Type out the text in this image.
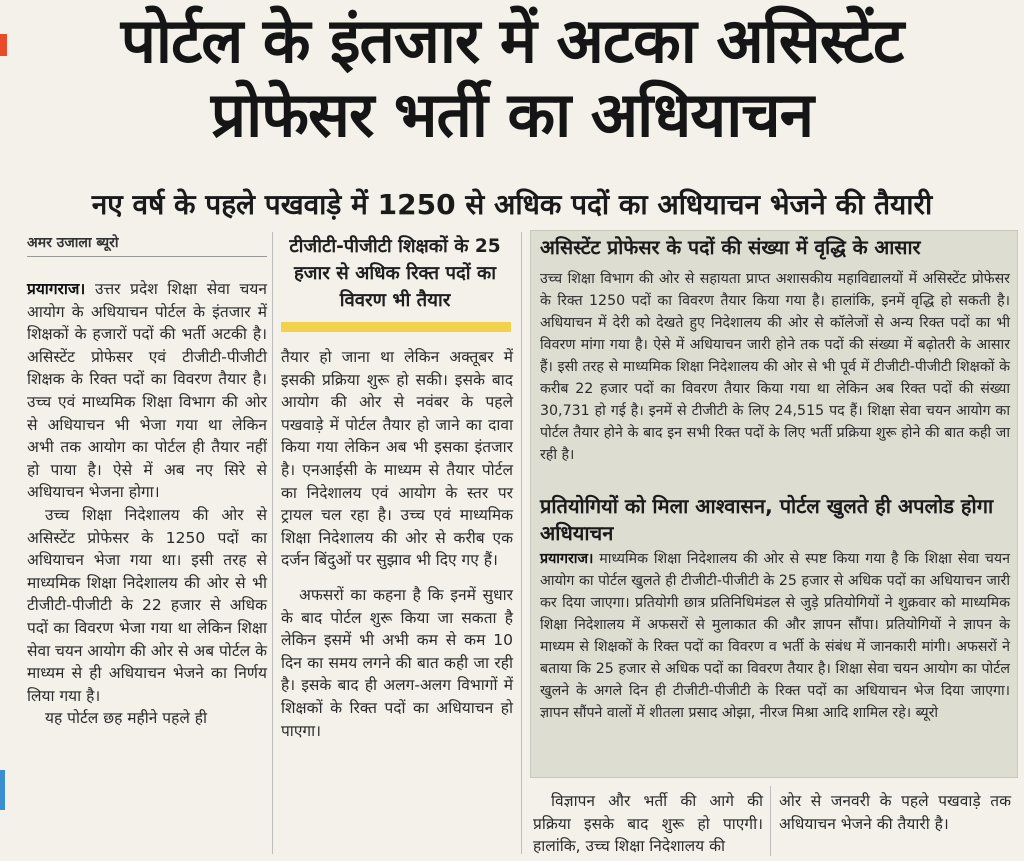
पोर्टल के इंतजार में अटका असिस्टेंट
प्रोफेसर भर्ती का अधियाचन
नए वर्ष के पहले पखवाड़े में 1250 से अधिक पदों का अधियाचन भेजने की तैयारी
अमर उजाला ब्यूरो

प्रयागराज। उत्तर प्रदेश शिक्षा सेवा चयन आयोग के अधियाचन पोर्टल के इंतजार में शिक्षकों के हजारों पदों की भर्ती अटकी है। असिस्टेंट प्रोफेसर एवं टीजीटी-पीजीटी शिक्षक के रिक्त पदों का विवरण तैयार है। उच्च एवं माध्यमिक शिक्षा विभाग की ओर से अधियाचन भी भेजा गया था लेकिन अभी तक आयोग का पोर्टल ही तैयार नहीं हो पाया है। ऐसे में अब नए सिरे से अधियाचन भेजना होगा।

उच्च शिक्षा निदेशालय की ओर से असिस्टेंट प्रोफेसर के 1250 पदों का अधियाचन भेजा गया था। इसी तरह से माध्यमिक शिक्षा निदेशालय की ओर से भी टीजीटी-पीजीटी के 22 हजार से अधिक पदों का विवरण भेजा गया था लेकिन शिक्षा सेवा चयन आयोग की ओर से अब पोर्टल के माध्यम से ही अधियाचन भेजने का निर्णय लिया गया है।

यह पोर्टल छह महीने पहले ही

टीजीटी-पीजीटी शिक्षकों के 25 हजार से अधिक रिक्त पदों का विवरण भी तैयार

तैयार हो जाना था लेकिन अक्तूबर में इसकी प्रक्रिया शुरू हो सकी। इसके बाद आयोग की ओर से नवंबर के पहले पखवाड़े में पोर्टल तैयार हो जाने का दावा किया गया लेकिन अब भी इसका इंतजार है। एनआईसी के माध्यम से तैयार पोर्टल का निदेशालय एवं आयोग के स्तर पर ट्रायल चल रहा है। उच्च एवं माध्यमिक शिक्षा निदेशालय की ओर से करीब एक दर्जन बिंदुओं पर सुझाव भी दिए गए हैं।

अफसरों का कहना है कि इनमें सुधार के बाद पोर्टल शुरू किया जा सकता है लेकिन इसमें भी अभी कम से कम 10 दिन का समय लगने की बात कही जा रही है। इसके बाद ही अलग-अलग विभागों में शिक्षकों के रिक्त पदों का अधियाचन हो पाएगा।

असिस्टेंट प्रोफेसर के पदों की संख्या में वृद्धि के आसार

उच्च शिक्षा विभाग की ओर से सहायता प्राप्त अशासकीय महाविद्यालयों में असिस्टेंट प्रोफेसर के रिक्त 1250 पदों का विवरण तैयार किया गया है। हालांकि, इनमें वृद्धि हो सकती है। अधियाचन में देरी को देखते हुए निदेशालय की ओर से कॉलेजों से अन्य रिक्त पदों का भी विवरण मांगा गया है। ऐसे में अधियाचन जारी होने तक पदों की संख्या में बढ़ोतरी के आसार हैं। इसी तरह से माध्यमिक शिक्षा निदेशालय की ओर से भी पूर्व में टीजीटी-पीजीटी शिक्षकों के करीब 22 हजार पदों का विवरण तैयार किया गया था लेकिन अब रिक्त पदों की संख्या 30,731 हो गई है। इनमें से टीजीटी के लिए 24,515 पद हैं। शिक्षा सेवा चयन आयोग का पोर्टल तैयार होने के बाद इन सभी रिक्त पदों के लिए भर्ती प्रक्रिया शुरू होने की बात कही जा रही है।

प्रतियोगियों को मिला आश्वासन, पोर्टल खुलते ही अपलोड होगा अधियाचन

प्रयागराज। माध्यमिक शिक्षा निदेशालय की ओर से स्पष्ट किया गया है कि शिक्षा सेवा चयन आयोग का पोर्टल खुलते ही टीजीटी-पीजीटी के 25 हजार से अधिक पदों का अधियाचन जारी कर दिया जाएगा। प्रतियोगी छात्र प्रतिनिधिमंडल से जुड़े प्रतियोगियों ने शुक्रवार को माध्यमिक शिक्षा निदेशालय में अफसरों से मुलाकात की और ज्ञापन सौंपा। प्रतियोगियों ने ज्ञापन के माध्यम से शिक्षकों के रिक्त पदों का विवरण व भर्ती के संबंध में जानकारी मांगी। अफसरों ने बताया कि 25 हजार से अधिक पदों का विवरण तैयार है। शिक्षा सेवा चयन आयोग का पोर्टल खुलने के अगले दिन ही टीजीटी-पीजीटी के रिक्त पदों का अधियाचन भेज दिया जाएगा। ज्ञापन सौंपने वालों में शीतला प्रसाद ओझा, नीरज मिश्रा आदि शामिल रहे। ब्यूरो

विज्ञापन और भर्ती की आगे की प्रक्रिया इसके बाद शुरू हो पाएगी। हालांकि, उच्च शिक्षा निदेशालय की
ओर से जनवरी के पहले पखवाड़े तक अधियाचन भेजने की तैयारी है।
